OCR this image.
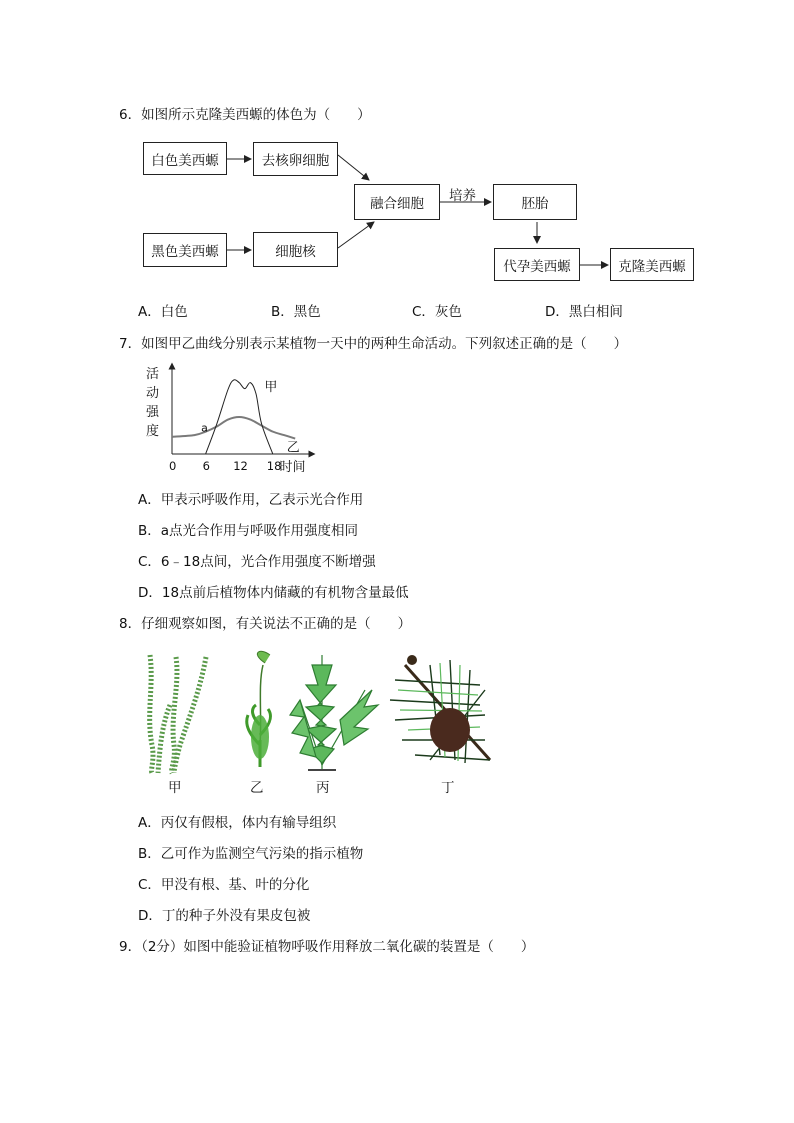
6．如图所示克隆美西螈的体色为（　　）
白色美西螈	去核卵细胞
黑色美西螈	细胞核
融合细胞	培养	胚胎
代孕美西螈	克隆美西螈
A．白色	B．黑色	C．灰色	D．黑白相间
7．如图甲乙曲线分别表示某植物一天中的两种生命活动。下列叙述正确的是（　　）
活
动
强
度
0 6 12 18
时间
甲
乙
a
A．甲表示呼吸作用，乙表示光合作用
B．a点光合作用与呼吸作用强度相同
C．6﹣18点间，光合作用强度不断增强
D．18点前后植物体内储藏的有机物含量最低
8．仔细观察如图，有关说法不正确的是（　　）
甲	乙	丙	丁
A．丙仅有假根，体内有输导组织
B．乙可作为监测空气污染的指示植物
C．甲没有根、基、叶的分化
D．丁的种子外没有果皮包被
9．（2分）如图中能验证植物呼吸作用释放二氧化碳的装置是（　　）
